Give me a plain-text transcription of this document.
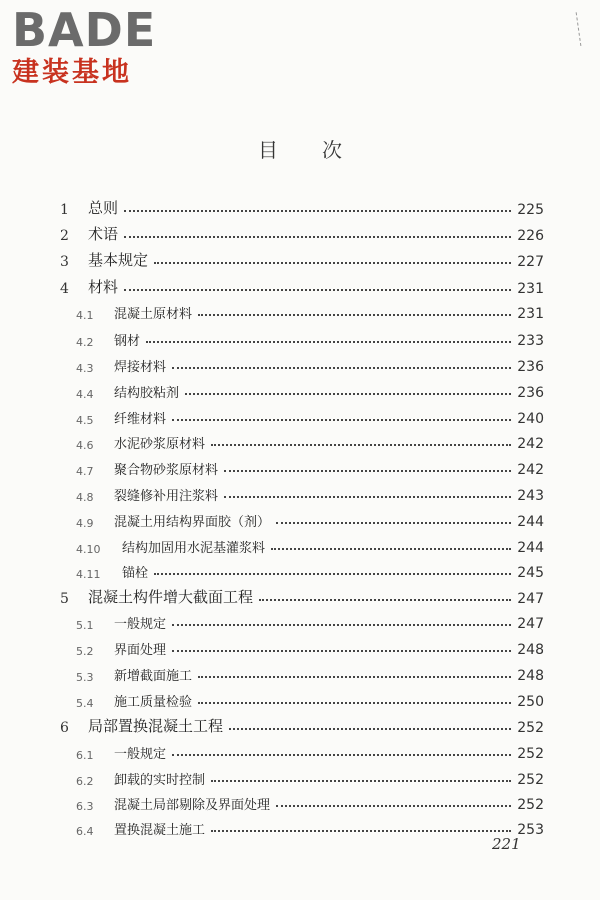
BADE
建装基地
目次
1	总则	225
2	术语	226
3	基本规定	227
4	材料	231
4.1	混凝土原材料	231
4.2	钢材	233
4.3	焊接材料	236
4.4	结构胶粘剂	236
4.5	纤维材料	240
4.6	水泥砂浆原材料	242
4.7	聚合物砂浆原材料	242
4.8	裂缝修补用注浆料	243
4.9	混凝土用结构界面胶（剂）	244
4.10	结构加固用水泥基灌浆料	244
4.11	锚栓	245
5	混凝土构件增大截面工程	247
5.1	一般规定	247
5.2	界面处理	248
5.3	新增截面施工	248
5.4	施工质量检验	250
6	局部置换混凝土工程	252
6.1	一般规定	252
6.2	卸载的实时控制	252
6.3	混凝土局部剔除及界面处理	252
6.4	置换混凝土施工	253
221
